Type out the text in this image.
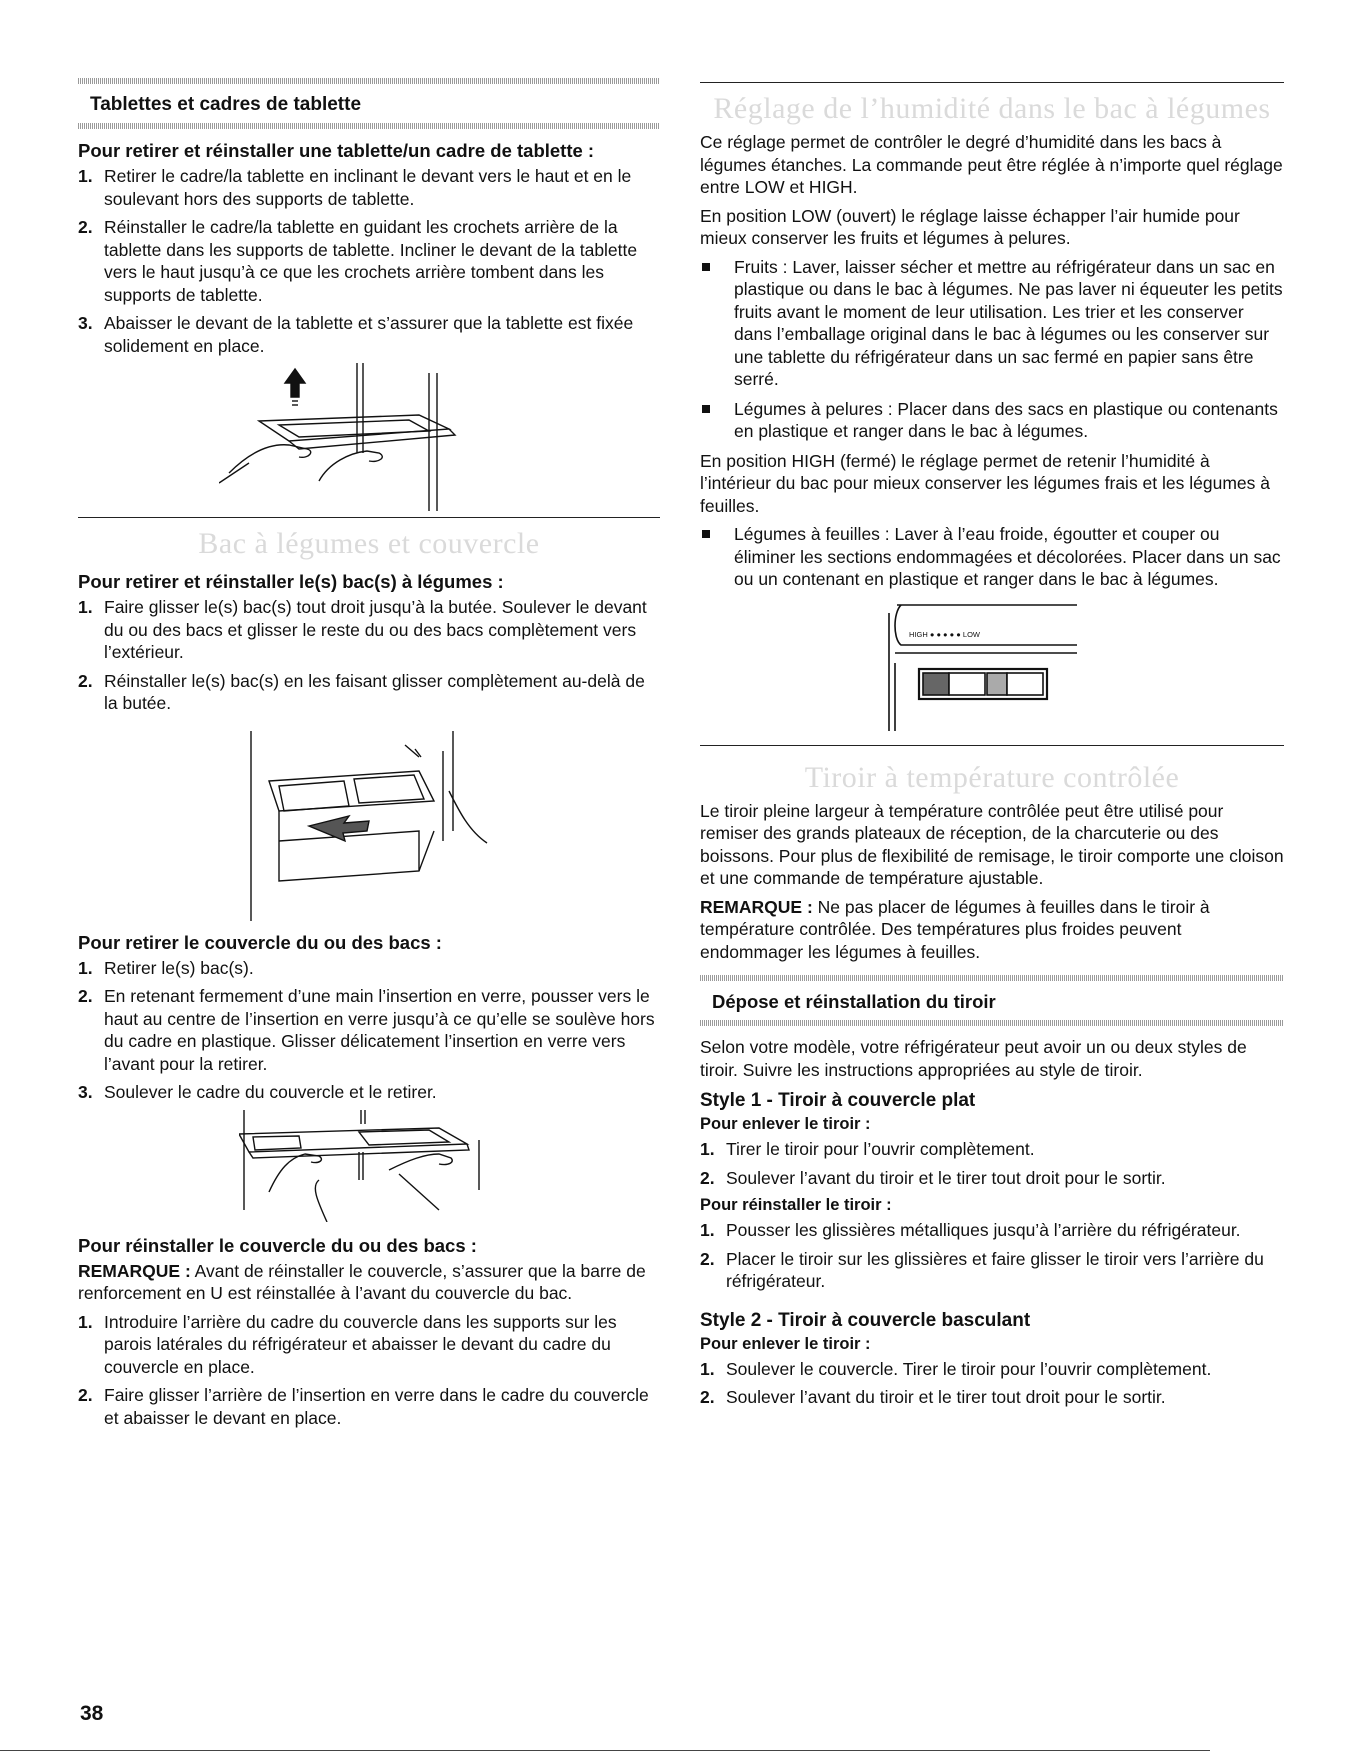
Tablettes et cadres de tablette
Pour retirer et réinstaller une tablette/un cadre de tablette :
1. Retirer le cadre/la tablette en inclinant le devant vers le haut et en le soulevant hors des supports de tablette.
2. Réinstaller le cadre/la tablette en guidant les crochets arrière de la tablette dans les supports de tablette. Incliner le devant de la tablette vers le haut jusqu’à ce que les crochets arrière tombent dans les supports de tablette.
3. Abaisser le devant de la tablette et s’assurer que la tablette est fixée solidement en place.
Bac à légumes et couvercle
Pour retirer et réinstaller le(s) bac(s) à légumes :
1. Faire glisser le(s) bac(s) tout droit jusqu’à la butée. Soulever le devant du ou des bacs et glisser le reste du ou des bacs complètement vers l’extérieur.
2. Réinstaller le(s) bac(s) en les faisant glisser complètement au-delà de la butée.
Pour retirer le couvercle du ou des bacs :
1. Retirer le(s) bac(s).
2. En retenant fermement d’une main l’insertion en verre, pousser vers le haut au centre de l’insertion en verre jusqu’à ce qu’elle se soulève hors du cadre en plastique. Glisser délicatement l’insertion en verre vers l’avant pour la retirer.
3. Soulever le cadre du couvercle et le retirer.
Pour réinstaller le couvercle du ou des bacs :

REMARQUE : Avant de réinstaller le couvercle, s’assurer que la barre de renforcement en U est réinstallée à l’avant du couvercle du bac.

1. Introduire l’arrière du cadre du couvercle dans les supports sur les parois latérales du réfrigérateur et abaisser le devant du cadre du couvercle en place.
2. Faire glisser l’arrière de l’insertion en verre dans le cadre du couvercle et abaisser le devant en place.
Réglage de l’humidité dans le bac à légumes

Ce réglage permet de contrôler le degré d’humidité dans les bacs à légumes étanches. La commande peut être réglée à n’importe quel réglage entre LOW et HIGH.

En position LOW (ouvert) le réglage laisse échapper l’air humide pour mieux conserver les fruits et légumes à pelures.

Fruits : Laver, laisser sécher et mettre au réfrigérateur dans un sac en plastique ou dans le bac à légumes. Ne pas laver ni équeuter les petits fruits avant le moment de leur utilisation. Les trier et les conserver dans l’emballage original dans le bac à légumes ou les conserver sur une tablette du réfrigérateur dans un sac fermé en papier sans être serré.
Légumes à pelures : Placer dans des sacs en plastique ou contenants en plastique et ranger dans le bac à légumes.

En position HIGH (fermé) le réglage permet de retenir l’humidité à l’intérieur du bac pour mieux conserver les légumes frais et les légumes à feuilles.

Légumes à feuilles : Laver à l’eau froide, égoutter et couper ou éliminer les sections endommagées et décolorées. Placer dans un sac ou un contenant en plastique et ranger dans le bac à légumes.
HIGH ● ● ● ● ● LOW
Tiroir à température contrôlée

Le tiroir pleine largeur à température contrôlée peut être utilisé pour remiser des grands plateaux de réception, de la charcuterie ou des boissons. Pour plus de flexibilité de remisage, le tiroir comporte une cloison et une commande de température ajustable.

REMARQUE : Ne pas placer de légumes à feuilles dans le tiroir à température contrôlée. Des températures plus froides peuvent endommager les légumes à feuilles.

Dépose et réinstallation du tiroir

Selon votre modèle, votre réfrigérateur peut avoir un ou deux styles de tiroir. Suivre les instructions appropriées au style de tiroir.

Style 1 - Tiroir à couvercle plat
Pour enlever le tiroir :
1. Tirer le tiroir pour l’ouvrir complètement.
2. Soulever l’avant du tiroir et le tirer tout droit pour le sortir.
Pour réinstaller le tiroir :
1. Pousser les glissières métalliques jusqu’à l’arrière du réfrigérateur.
2. Placer le tiroir sur les glissières et faire glisser le tiroir vers l’arrière du réfrigérateur.
Style 2 - Tiroir à couvercle basculant
Pour enlever le tiroir :
1. Soulever le couvercle. Tirer le tiroir pour l’ouvrir complètement.
2. Soulever l’avant du tiroir et le tirer tout droit pour le sortir.
38
